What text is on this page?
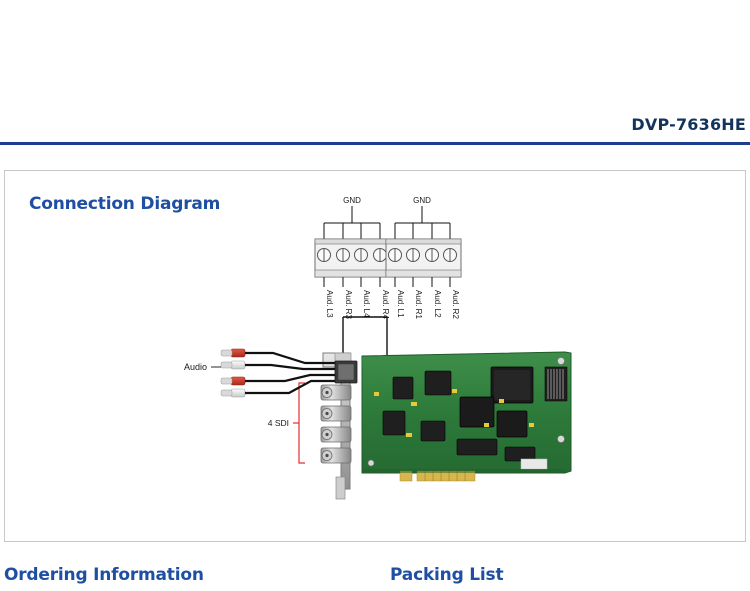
DVP-7636HE
Connection Diagram	GND
Aud. L3 Aud. R3 Aud. L4 Aud. R4
GND
Aud. L1 Aud. R1 Aud. L2 Aud. R2
4 SDI
Audio
Ordering Information	Packing List
